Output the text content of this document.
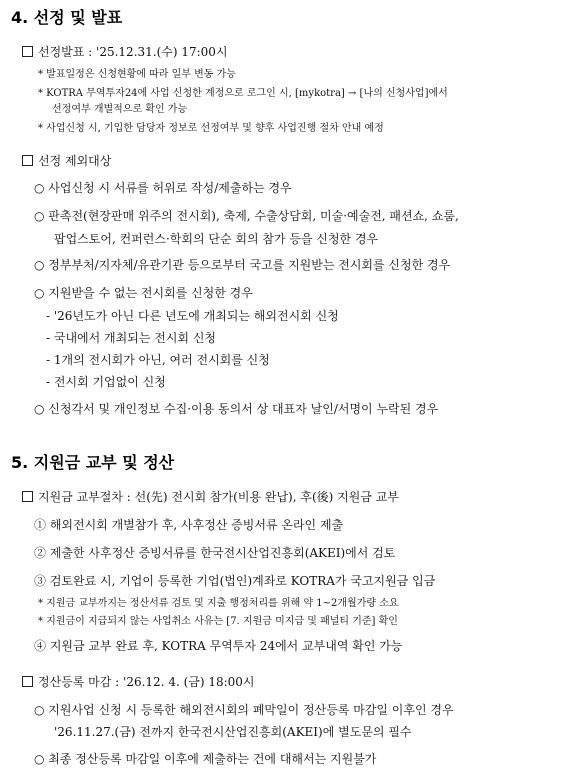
4. 선정 및 발표
선정발표 : '25.12.31.(수) 17:00시
* 발표일정은 신청현황에 따라 일부 변동 가능
* KOTRA 무역투자24에 사업 신청한 계정으로 로그인 시, [mykotra] → [나의 신청사업]에서
선정여부 개별적으로 확인 가능
* 사업신청 시, 기입한 담당자 정보로 선정여부 및 향후 사업진행 절차 안내 예정
선정 제외대상
○ 사업신청 시 서류를 허위로 작성/제출하는 경우
○ 판촉전(현장판매 위주의 전시회), 축제, 수출상담회, 미술·예술전, 패션쇼, 쇼룸,
팝업스토어, 컨퍼런스·학회의 단순 회의 참가 등을 신청한 경우
○ 정부부처/지자체/유관기관 등으로부터 국고를 지원받는 전시회를 신청한 경우
○ 지원받을 수 없는 전시회를 신청한 경우
- '26년도가 아닌 다른 년도에 개최되는 해외전시회 신청
- 국내에서 개최되는 전시회 신청
- 1개의 전시회가 아닌, 여러 전시회를 신청
- 전시회 기업없이 신청
○ 신청각서 및 개인정보 수집·이용 동의서 상 대표자 날인/서명이 누락된 경우
5. 지원금 교부 및 정산
지원금 교부절차 : 선(先) 전시회 참가(비용 완납), 후(後) 지원금 교부
① 해외전시회 개별참가 후, 사후정산 증빙서류 온라인 제출
② 제출한 사후정산 증빙서류를 한국전시산업진흥회(AKEI)에서 검토
③ 검토완료 시, 기업이 등록한 기업(법인)계좌로 KOTRA가 국고지원금 입금
* 지원금 교부까지는 정산서류 검토 및 지출 행정처리를 위해 약 1~2개월가량 소요
* 지원금이 지급되지 않는 사업취소 사유는 [7. 지원금 미지급 및 패널티 기준] 확인
④ 지원금 교부 완료 후, KOTRA 무역투자 24에서 교부내역 확인 가능
정산등록 마감 : '26.12. 4. (금) 18:00시
○ 지원사업 신청 시 등록한 해외전시회의 폐막일이 정산등록 마감일 이후인 경우
'26.11.27.(금) 전까지 한국전시산업진흥회(AKEI)에 별도문의 필수
○ 최종 정산등록 마감일 이후에 제출하는 건에 대해서는 지원불가
